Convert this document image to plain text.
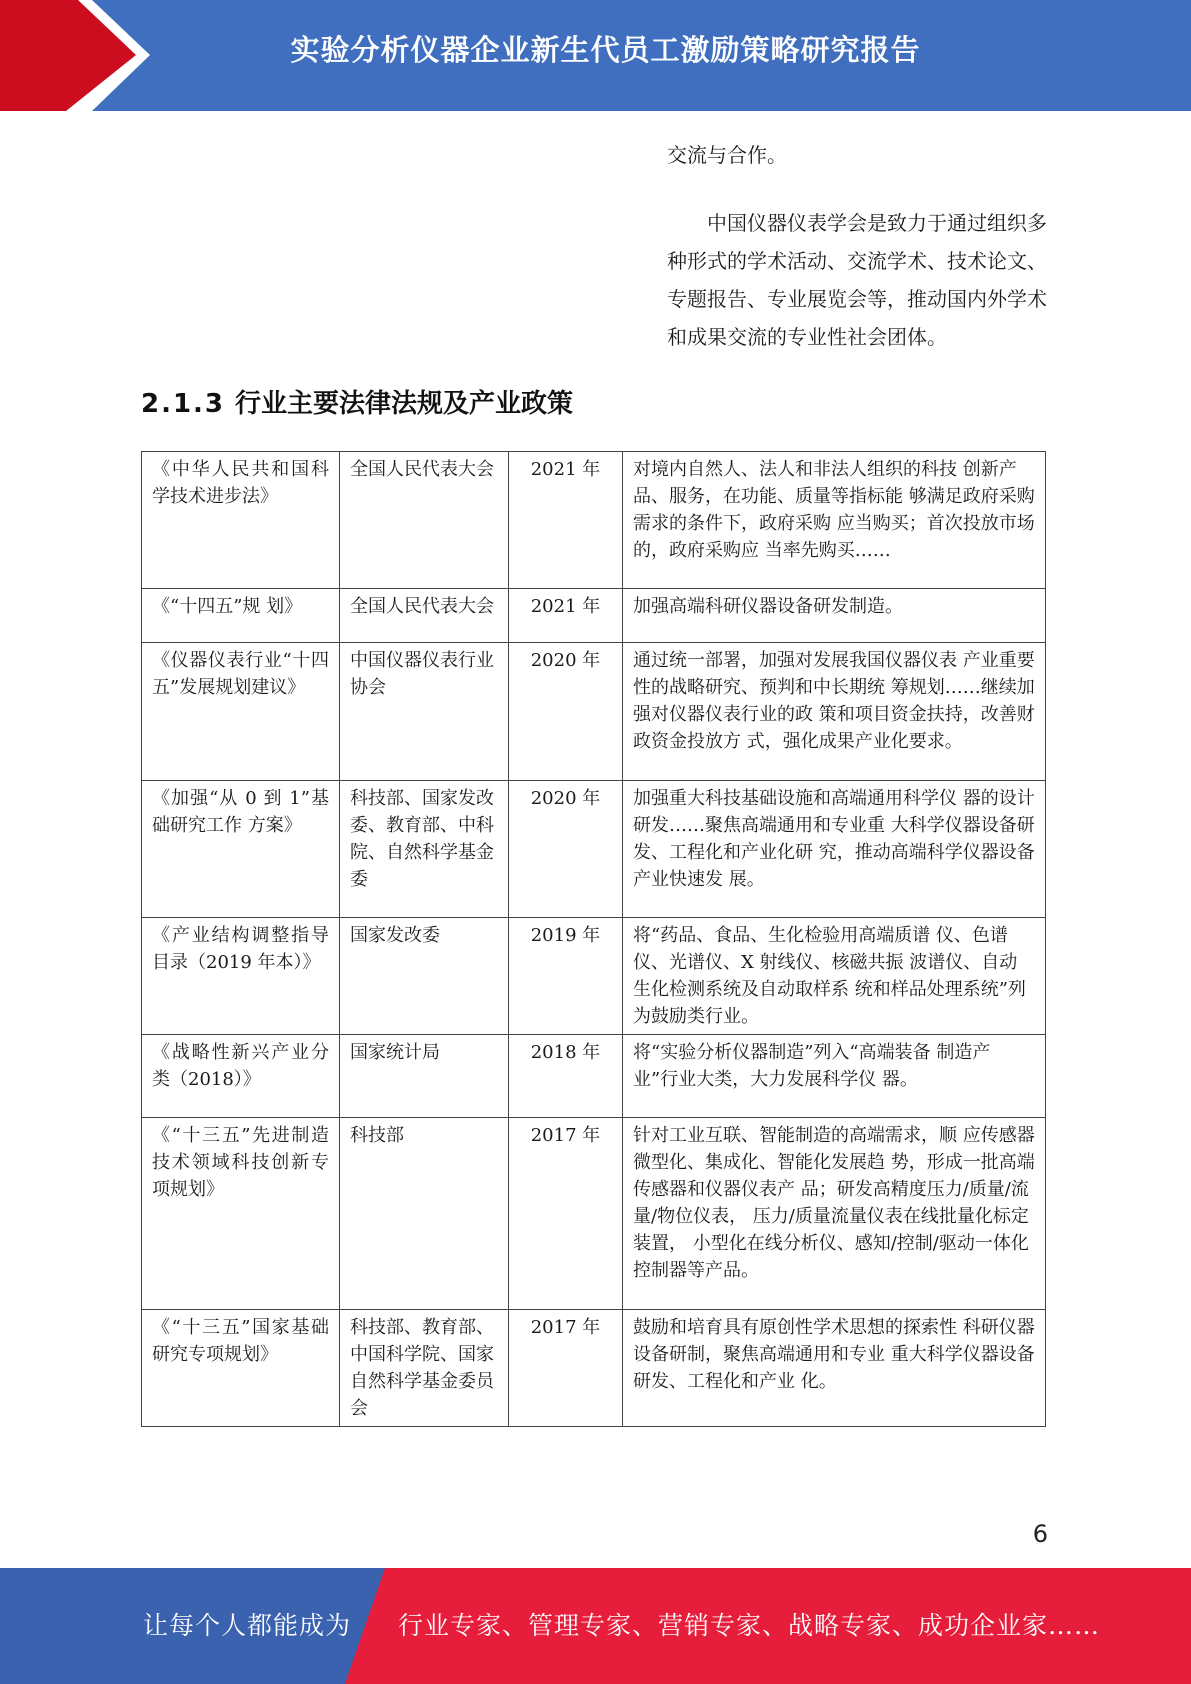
实验分析仪器企业新生代员工激励策略研究报告

交流与合作。

中国仪器仪表学会是致力于通过组织多种形式的学术活动、交流学术、技术论文、专题报告、专业展览会等，推动国内外学术和成果交流的专业性社会团体。

2.1.3 行业主要法律法规及产业政策
《中华人民共和国科学技术进步法》	全国人民代表大会	2021 年	对境内自然人、法人和非法人组织的科技 创新产品、服务，在功能、质量等指标能 够满足政府采购需求的条件下，政府采购 应当购买；首次投放市场的，政府采购应 当率先购买……
《“十四五”规 划》	全国人民代表大会	2021 年	加强高端科研仪器设备研发制造。
《仪器仪表行业“十四五”发展规划建议》	中国仪器仪表行业协会	2020 年	通过统一部署，加强对发展我国仪器仪表 产业重要性的战略研究、预判和中长期统 筹规划……继续加强对仪器仪表行业的政 策和项目资金扶持，改善财政资金投放方 式，强化成果产业化要求。
《加强“从 0 到 1”基础研究工作 方案》	科技部、国家发改委、教育部、中科院、自然科学基金委	2020 年	加强重大科技基础设施和高端通用科学仪 器的设计研发……聚焦高端通用和专业重 大科学仪器设备研发、工程化和产业化研 究，推动高端科学仪器设备产业快速发 展。
《产业结构调整指导目录（2019 年本）》	国家发改委	2019 年	将“药品、食品、生化检验用高端质谱 仪、色谱仪、光谱仪、X 射线仪、核磁共振 波谱仪、自动生化检测系统及自动取样系 统和样品处理系统”列为鼓励类行业。
《战略性新兴产业分类（2018）》	国家统计局	2018 年	将“实验分析仪器制造”列入“高端装备 制造产业”行业大类，大力发展科学仪 器。
《“十三五”先进制造技术领域科技创新专项规划》	科技部	2017 年	针对工业互联、智能制造的高端需求，顺 应传感器微型化、集成化、智能化发展趋 势，形成一批高端传感器和仪器仪表产 品；研发高精度压力/质量/流量/物位仪表， 压力/质量流量仪表在线批量化标定装置， 小型化在线分析仪、感知/控制/驱动一体化 控制器等产品。
《“十三五”国家基础研究专项规划》	科技部、教育部、中国科学院、国家自然科学基金委员会	2017 年	鼓励和培育具有原创性学术思想的探索性 科研仪器设备研制，聚焦高端通用和专业 重大科学仪器设备研发、工程化和产业 化。
6
让每个人都能成为 行业专家、管理专家、营销专家、战略专家、成功企业家……
